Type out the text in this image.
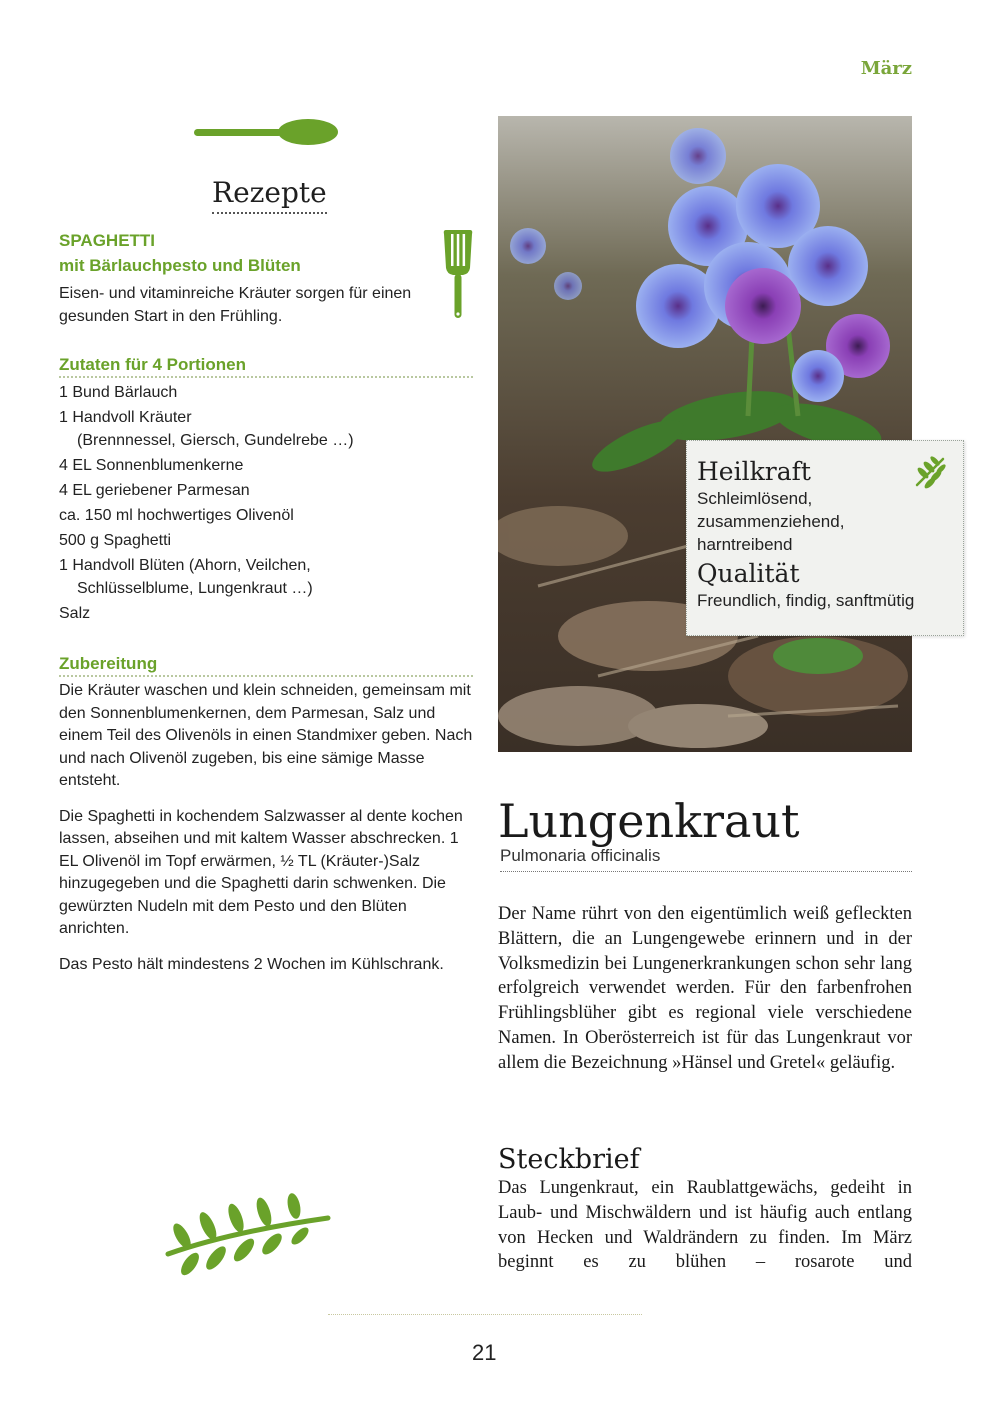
März
Rezepte
SPAGHETTI
mit Bärlauchpesto und Blüten
Eisen- und vitaminreiche Kräuter sorgen für einen gesunden Start in den Frühling.
Zutaten für 4 Portionen
1 Bund Bärlauch
1 Handvoll Kräuter
(Brennnessel, Giersch, Gundelrebe …)
4 EL Sonnenblumenkerne
4 EL geriebener Parmesan
ca. 150 ml hochwertiges Olivenöl
500 g Spaghetti
1 Handvoll Blüten (Ahorn, Veilchen,
Schlüsselblume, Lungenkraut …)
Salz
Zubereitung

Die Kräuter waschen und klein schneiden, gemeinsam mit den Sonnenblumenkernen, dem Parmesan, Salz und einem Teil des Olivenöls in einen Standmixer geben. Nach und nach Olivenöl zugeben, bis eine sämige Masse entsteht.

Die Spaghetti in kochendem Salzwasser al dente kochen lassen, abseihen und mit kaltem Wasser abschrecken. 1 EL Olivenöl im Topf erwärmen, ½ TL (Kräuter-)Salz hinzugegeben und die Spaghetti darin schwenken. Die gewürzten Nudeln mit dem Pesto und den Blüten anrichten.

Das Pesto hält mindestens 2 Wochen im Kühlschrank.

Heilkraft

Schleimlösend,
zusammenziehend,
harntreibend

Qualität

Freundlich, findig, sanftmütig

Lungenkraut
Pulmonaria officinalis

Der Name rührt von den eigentümlich weiß gefleckten Blättern, die an Lungengewebe erinnern und in der Volksmedizin bei Lungenerkrankungen schon sehr lang erfolgreich verwendet werden. Für den farbenfrohen Frühlingsblüher gibt es regional viele verschiedene Namen. In Oberösterreich ist für das Lungenkraut vor allem die Bezeichnung »Hänsel und Gretel« geläufig.

Steckbrief

Das Lungenkraut, ein Raublattgewächs, gedeiht in Laub- und Mischwäldern und ist häufig auch entlang von Hecken und Waldrändern zu finden. Im März beginnt es zu blühen – rosarote und

21
